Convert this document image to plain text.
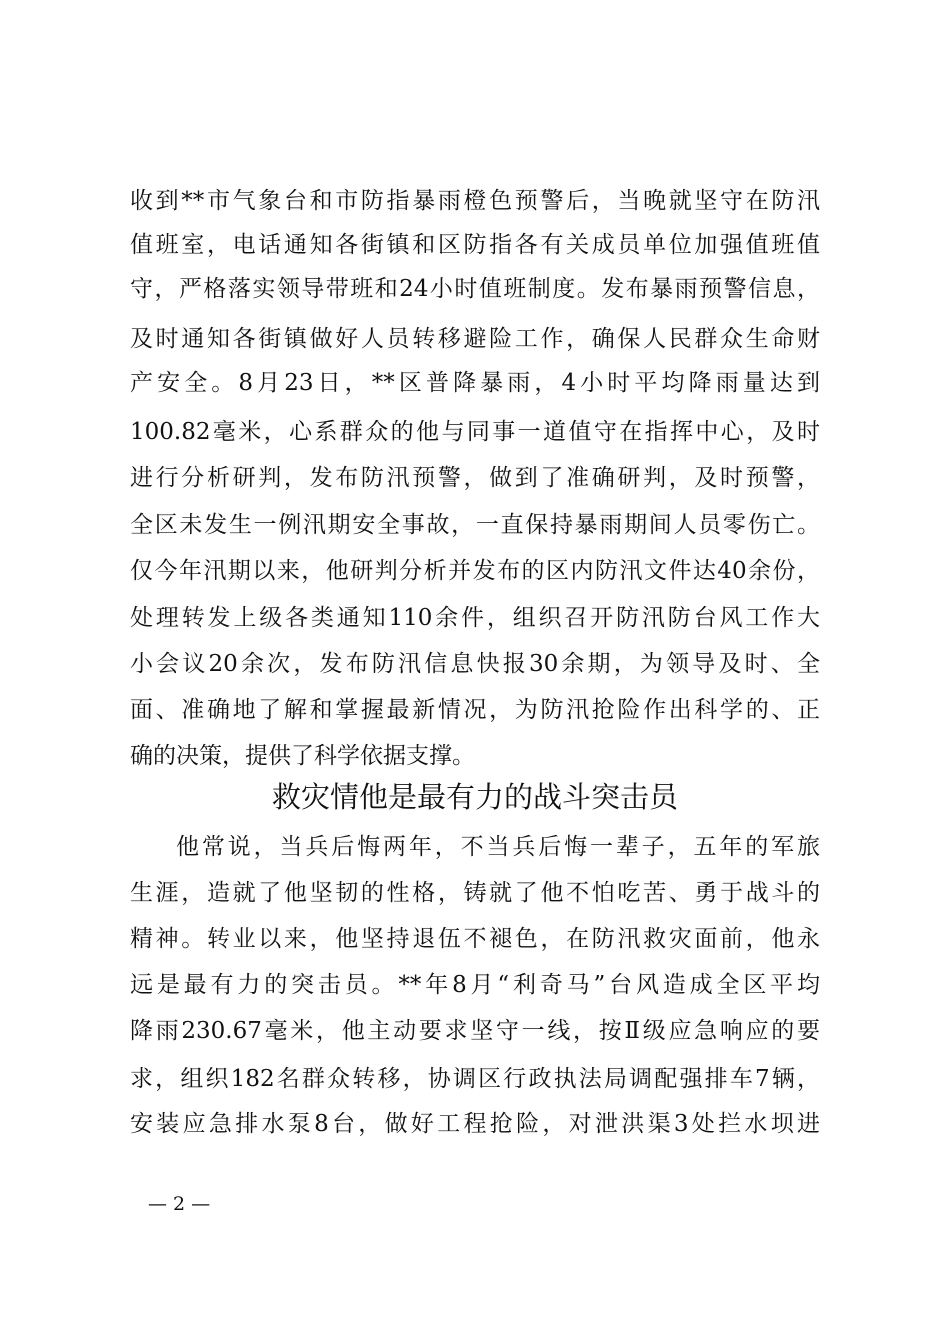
收到**市气象台和市防指暴雨橙色预警后，当晚就坚守在防汛
值班室，电话通知各街镇和区防指各有关成员单位加强值班值
守，严格落实领导带班和24小时值班制度。发布暴雨预警信息，
及时通知各街镇做好人员转移避险工作，确保人民群众生命财
产安全。8月23日，**区普降暴雨，4小时平均降雨量达到
100.82毫米，心系群众的他与同事一道值守在指挥中心，及时
进行分析研判，发布防汛预警，做到了准确研判，及时预警，
全区未发生一例汛期安全事故，一直保持暴雨期间人员零伤亡。
仅今年汛期以来，他研判分析并发布的区内防汛文件达40余份，
处理转发上级各类通知110余件，组织召开防汛防台风工作大
小会议20余次，发布防汛信息快报30余期，为领导及时、全
面、准确地了解和掌握最新情况，为防汛抢险作出科学的、正
确的决策，提供了科学依据支撑。
救灾情他是最有力的战斗突击员
他常说，当兵后悔两年，不当兵后悔一辈子，五年的军旅
生涯，造就了他坚韧的性格，铸就了他不怕吃苦、勇于战斗的
精神。转业以来，他坚持退伍不褪色，在防汛救灾面前，他永
远是最有力的突击员。**年8月“利奇马”台风造成全区平均
降雨230.67毫米，他主动要求坚守一线，按Ⅱ级应急响应的要
求，组织182名群众转移，协调区行政执法局调配强排车7辆，
安装应急排水泵8台，做好工程抢险，对泄洪渠3处拦水坝进
— 2 —
